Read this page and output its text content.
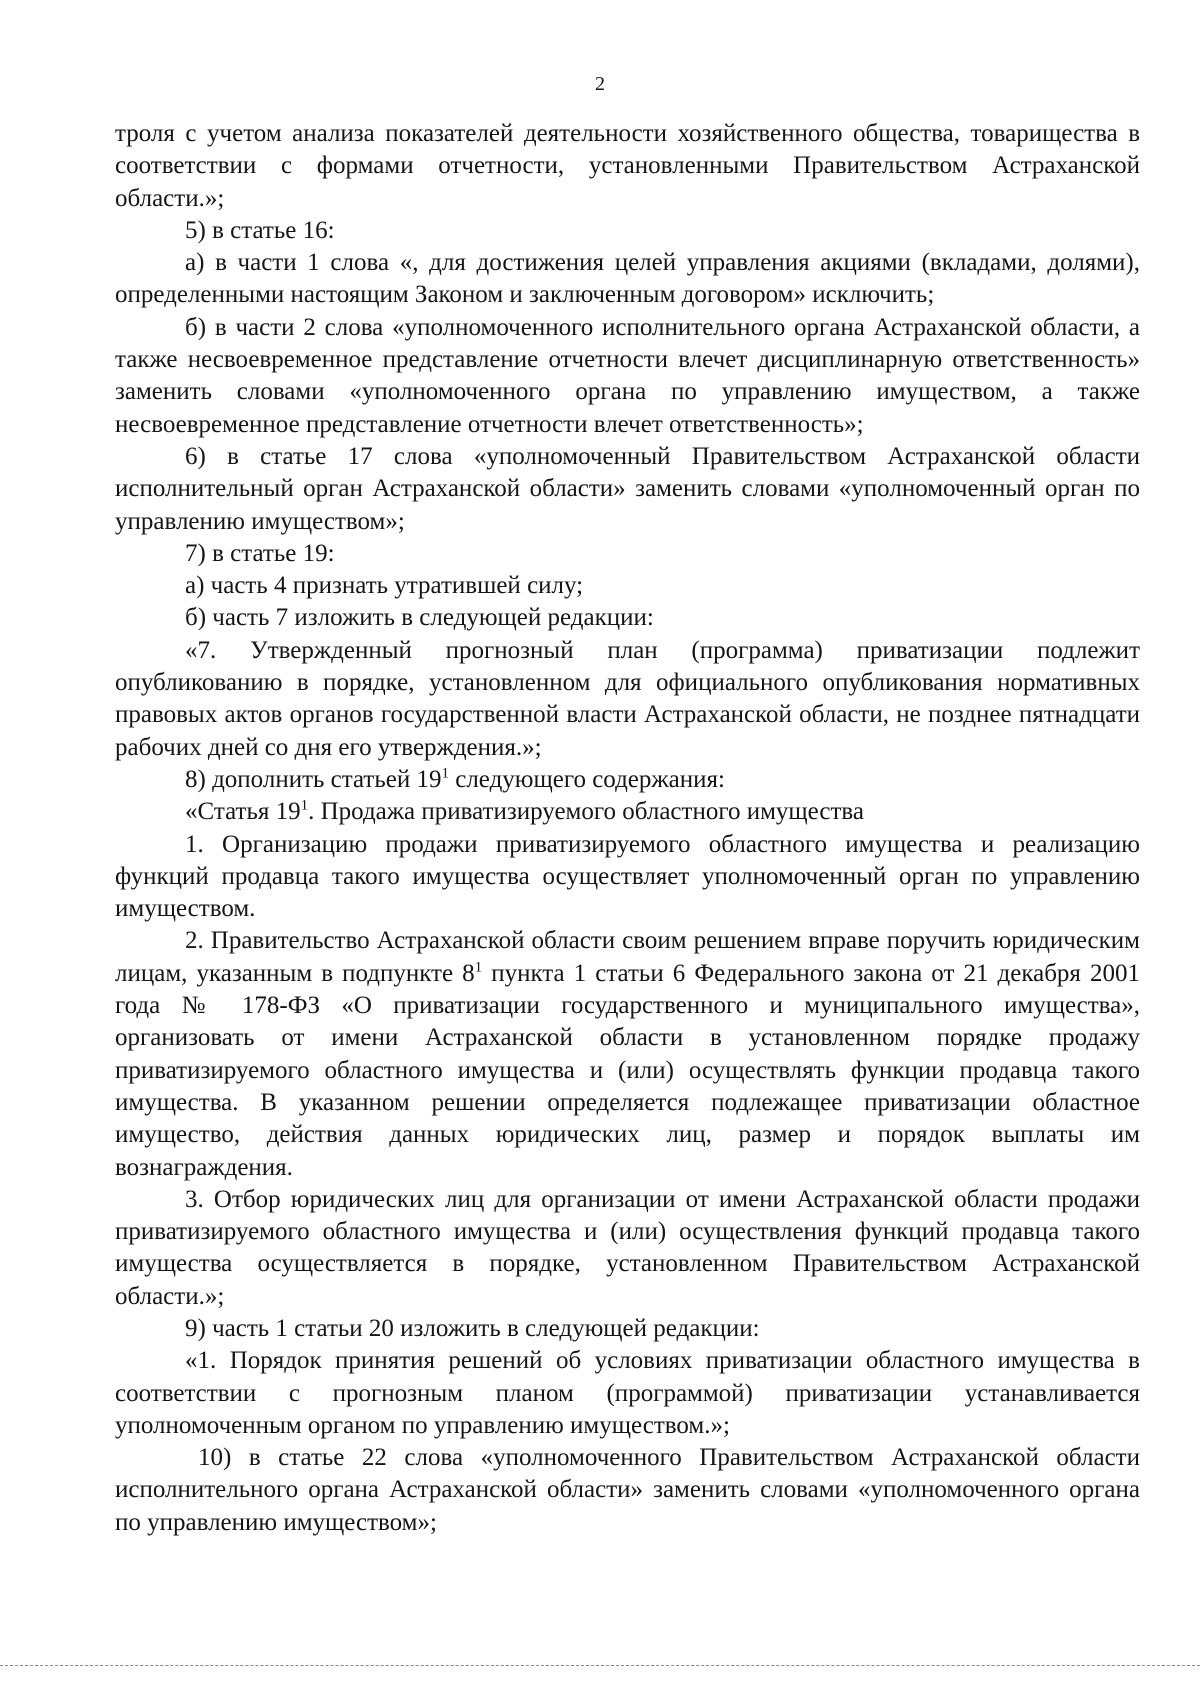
2

троля с учетом анализа показателей деятельности хозяйственного общества, товарищества в соответствии с формами отчетности, установленными Правительством Астраханской области.»;

5) в статье 16:

а) в части 1 слова «, для достижения целей управления акциями (вкладами, долями), определенными настоящим Законом и заключенным договором» исключить;

б) в части 2 слова «уполномоченного исполнительного органа Астраханской области, а также несвоевременное представление отчетности влечет дисциплинарную ответственность» заменить словами «уполномоченного органа по управлению имуществом, а также несвоевременное представление отчетности влечет ответственность»;

6) в статье 17 слова «уполномоченный Правительством Астраханской области исполнительный орган Астраханской области» заменить словами «уполномоченный орган по управлению имуществом»;

7) в статье 19:

а) часть 4 признать утратившей силу;

б) часть 7 изложить в следующей редакции:

«7. Утвержденный прогнозный план (программа) приватизации подлежит опубликованию в порядке, установленном для официального опубликования нормативных правовых актов органов государственной власти Астраханской области, не позднее пятнадцати рабочих дней со дня его утверждения.»;

8) дополнить статьей $19^1$ следующего содержания:

«Статья $19^1$. Продажа приватизируемого областного имущества

1. Организацию продажи приватизируемого областного имущества и реализацию функций продавца такого имущества осуществляет уполномоченный орган по управлению имуществом.

2. Правительство Астраханской области своим решением вправе поручить юридическим лицам, указанным в подпункте $8^1$ пункта 1 статьи 6 Федерального закона от 21 декабря 2001 года № 178-ФЗ «О приватизации государственного и муниципального имущества», организовать от имени Астраханской области в установленном порядке продажу приватизируемого областного имущества и (или) осуществлять функции продавца такого имущества. В указанном решении определяется подлежащее приватизации областное имущество, действия данных юридических лиц, размер и порядок выплаты им вознаграждения.

3. Отбор юридических лиц для организации от имени Астраханской области продажи приватизируемого областного имущества и (или) осуществления функций продавца такого имущества осуществляется в порядке, установленном Правительством Астраханской области.»;

9) часть 1 статьи 20 изложить в следующей редакции:

«1. Порядок принятия решений об условиях приватизации областного имущества в соответствии с прогнозным планом (программой) приватизации устанавливается уполномоченным органом по управлению имуществом.»;

10) в статье 22 слова «уполномоченного Правительством Астраханской области исполнительного органа Астраханской области» заменить словами «уполномоченного органа по управлению имуществом»;
